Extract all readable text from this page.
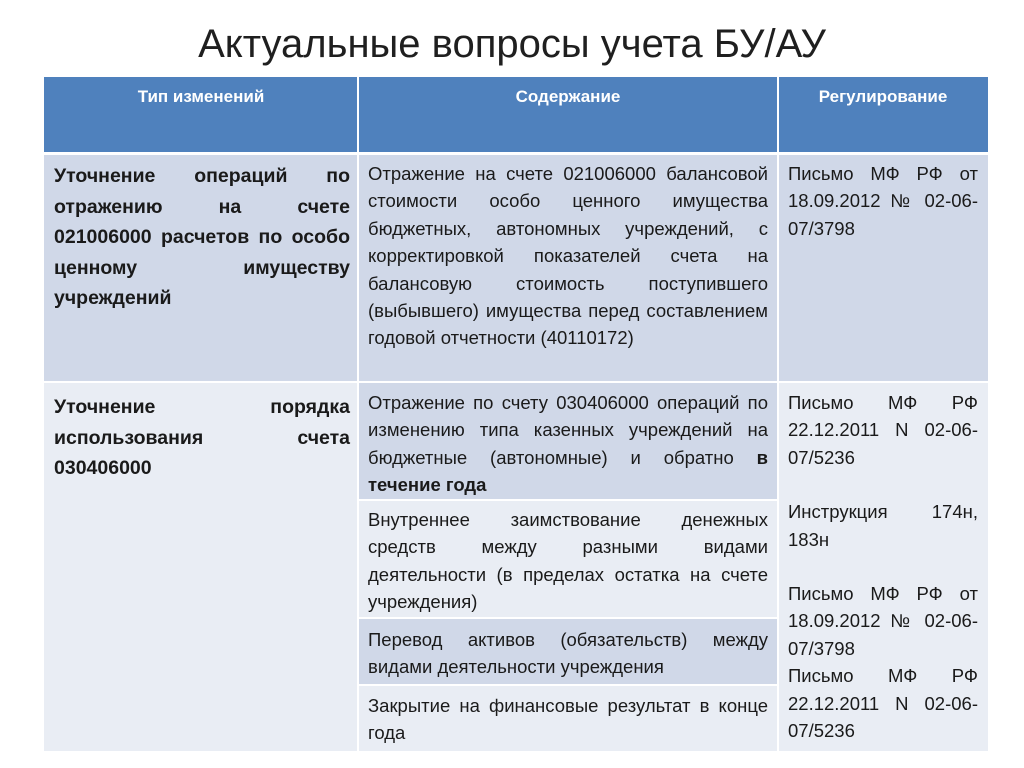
Актуальные вопросы учета БУ/АУ
Тип изменений	Содержание	Регулирование
Уточнение операций по отражению на счете 021006000 расчетов по особо ценному имуществу учреждений
Отражение на счете 021006000 балансовой стоимости особо ценного имущества бюджетных, автономных учреждений, с корректировкой показателей счета на балансовую стоимость поступившего (выбывшего) имущества перед составлением годовой отчетности (40110172)
Письмо МФ РФ от 18.09.2012 № 02-06-07/3798
Уточнение порядка использования счета 030406000
Отражение по счету 030406000 операций по изменению типа казенных учреждений на бюджетные (автономные) и обратно в течение года
Внутреннее заимствование денежных средств между разными видами деятельности (в пределах остатка на счете учреждения)
Перевод активов (обязательств) между видами деятельности учреждения
Закрытие на финансовые результат в конце года
Письмо МФ РФ 22.12.2011 N 02-06-07/5236
Инструкция 174н, 183н
Письмо МФ РФ от 18.09.2012 № 02-06-07/3798
Письмо МФ РФ 22.12.2011 N 02-06-07/5236
